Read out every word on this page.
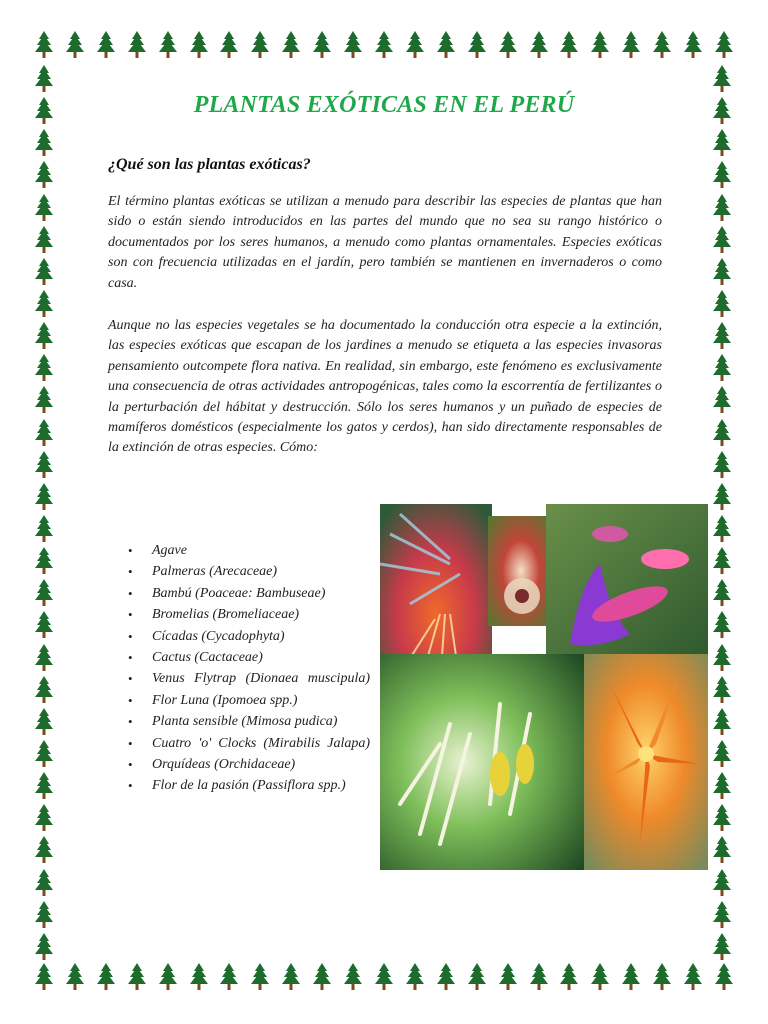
PLANTAS EXÓTICAS EN EL PERÚ
¿Qué son las plantas exóticas?

El término plantas exóticas se utilizan a menudo para describir las especies de plantas que han sido o están siendo introducidos en las partes del mundo que no sea su rango histórico o documentados por los seres humanos, a menudo como plantas ornamentales. Especies exóticas son con frecuencia utilizadas en el jardín, pero también se mantienen en invernaderos o como casa.

Aunque no las especies vegetales se ha documentado la conducción otra especie a la extinción, las especies exóticas que escapan de los jardines a menudo se etiqueta a las especies invasoras pensamiento outcompete flora nativa. En realidad, sin embargo, este fenómeno es exclusivamente una consecuencia de otras actividades antropogénicas, tales como la escorrentía de fertilizantes o la perturbación del hábitat y destrucción. Sólo los seres humanos y un puñado de especies de mamíferos domésticos (especialmente los gatos y cerdos), han sido directamente responsables de la extinción de otras especies. Cómo:

• Agave
• Palmeras (Arecaceae)
• Bambú (Poaceae: Bambuseae)
• Bromelias (Bromeliaceae)
• Cícadas (Cycadophyta)
• Cactus (Cactaceae)
• Venus Flytrap (Dionaea muscipula)
• Flor Luna (Ipomoea spp.)
• Planta sensible (Mimosa pudica)
• Cuatro 'o' Clocks (Mirabilis Jalapa)
• Orquídeas (Orchidaceae)
• Flor de la pasión (Passiflora spp.)
